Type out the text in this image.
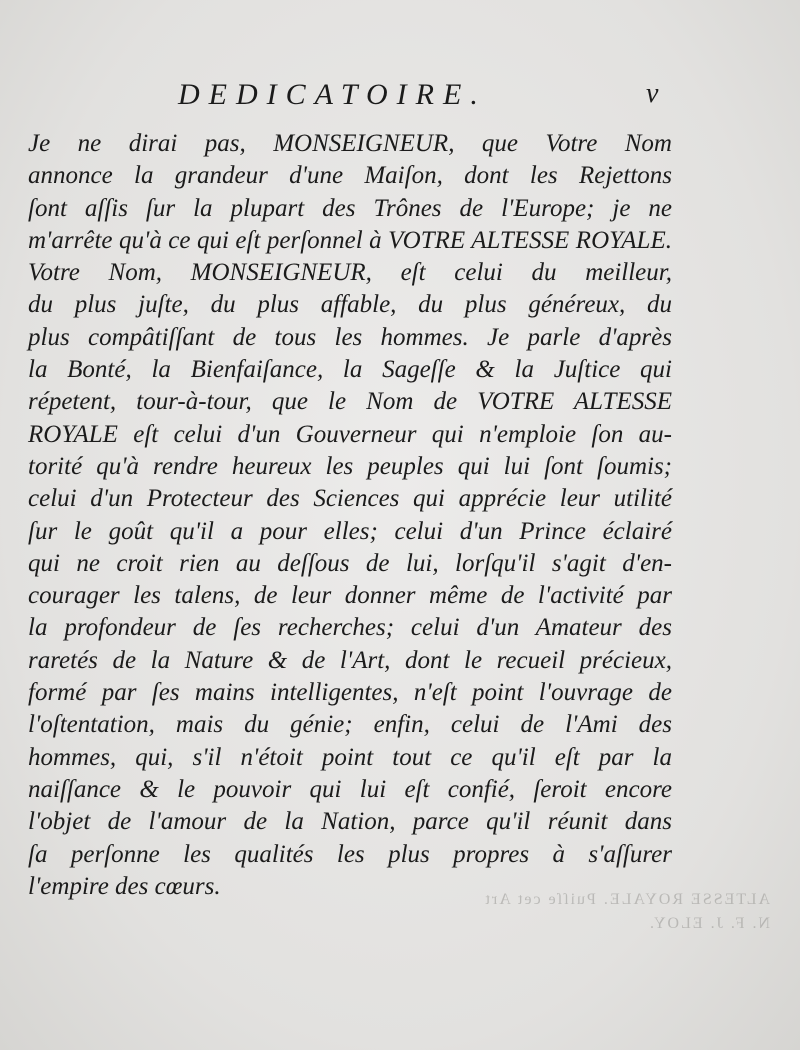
DEDICATOIRE.	v
Je ne dirai pas, MONSEIGNEUR, que Votre Nom
annonce la grandeur d'une Maiſon, dont les Rejettons
ſont aſſis ſur la plupart des Trônes de l'Europe; je ne
m'arrête qu'à ce qui eſt perſonnel à VOTRE ALTESSE ROYALE.
Votre Nom, MONSEIGNEUR, eſt celui du meilleur,
du plus juſte, du plus affable, du plus généreux, du
plus compâtiſſant de tous les hommes. Je parle d'après
la Bonté, la Bienfaiſance, la Sageſſe & la Juſtice qui
répetent, tour-à-tour, que le Nom de VOTRE ALTESSE
ROYALE eſt celui d'un Gouverneur qui n'emploie ſon au-
torité qu'à rendre heureux les peuples qui lui ſont ſoumis;
celui d'un Protecteur des Sciences qui apprécie leur utilité
ſur le goût qu'il a pour elles; celui d'un Prince éclairé
qui ne croit rien au deſſous de lui, lorſqu'il s'agit d'en-
courager les talens, de leur donner même de l'activité par
la profondeur de ſes recherches; celui d'un Amateur des
raretés de la Nature & de l'Art, dont le recueil précieux,
formé par ſes mains intelligentes, n'eſt point l'ouvrage de
l'oſtentation, mais du génie; enfin, celui de l'Ami des
hommes, qui, s'il n'étoit point tout ce qu'il eſt par la
naiſſance & le pouvoir qui lui eſt confié, ſeroit encore
l'objet de l'amour de la Nation, parce qu'il réunit dans
ſa perſonne les qualités les plus propres à s'aſſurer
l'empire des cœurs.	ALTESSE ROYALE. Puiſſe cet Art
N. F. J. ELOY.
